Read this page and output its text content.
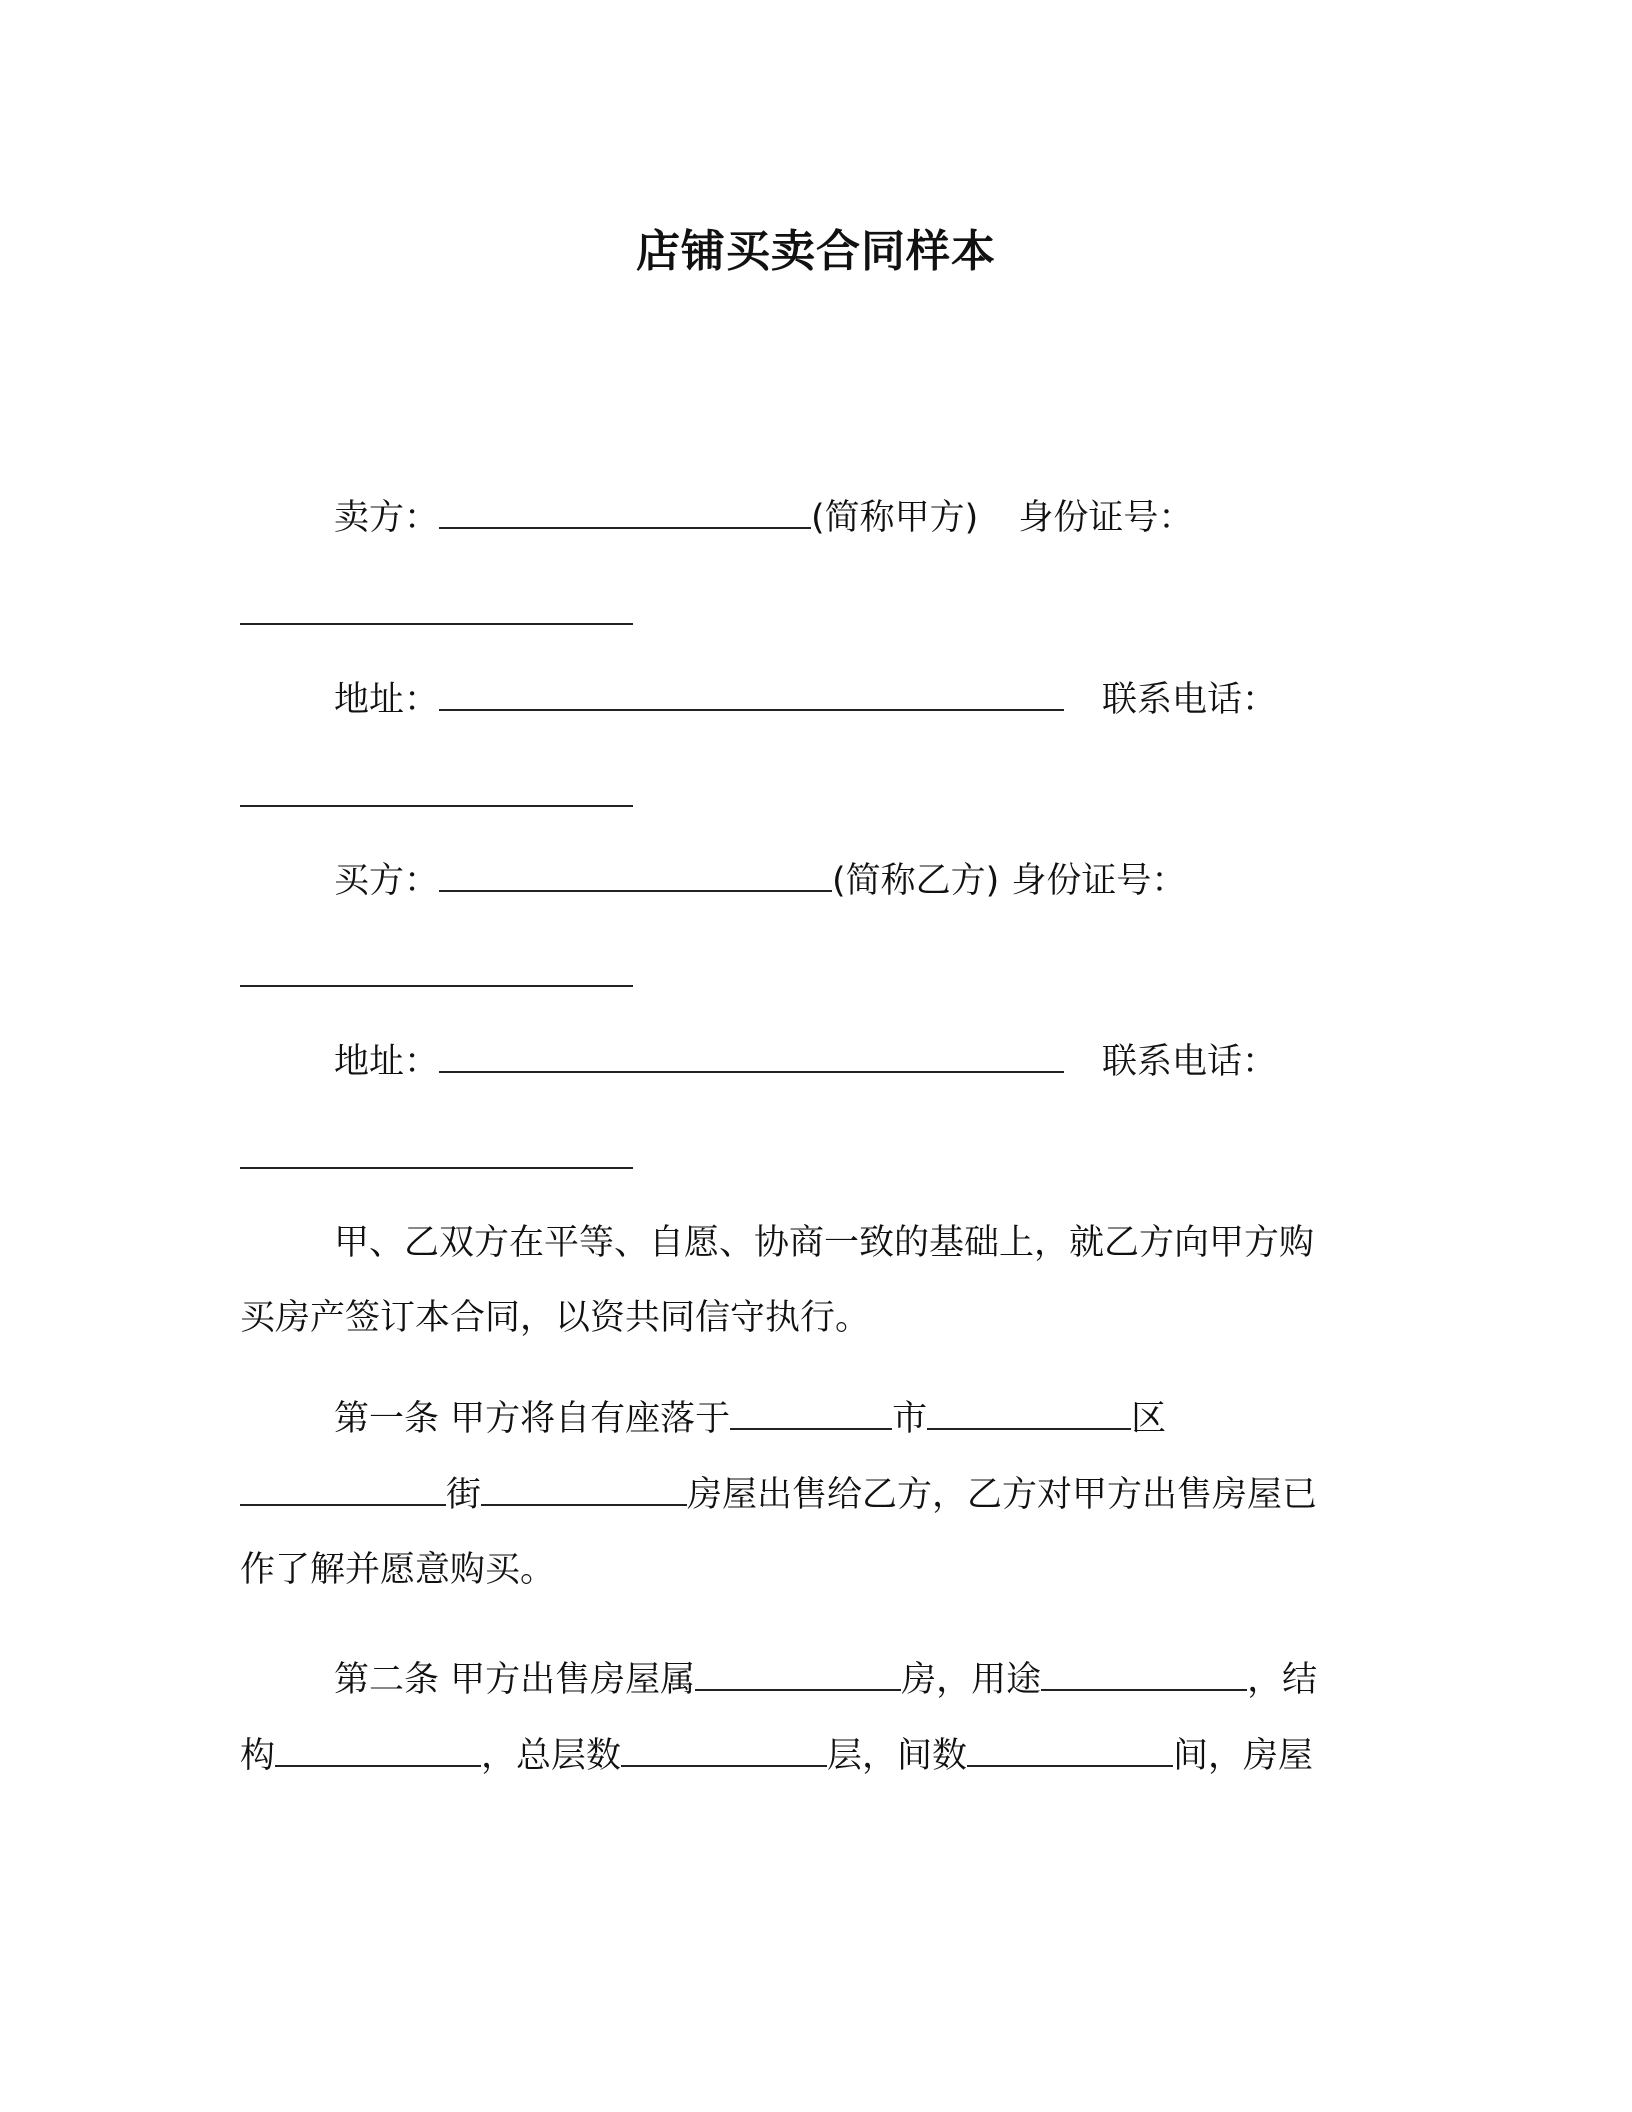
店铺买卖合同样本
卖方：	(简称甲方) 身份证号：
地址：	联系电话：
买方：	(简称乙方) 身份证号：
地址：	联系电话：
甲、乙双方在平等、自愿、协商一致的基础上，就乙方向甲方购
买房产签订本合同，以资共同信守执行。
第一条 甲方将自有座落于	市	区
街	房屋出售给乙方，乙方对甲方出售房屋已
作了解并愿意购买。
第二条 甲方出售房屋属	房，用途	，结
构	，总层数	层，间数	间，房屋
